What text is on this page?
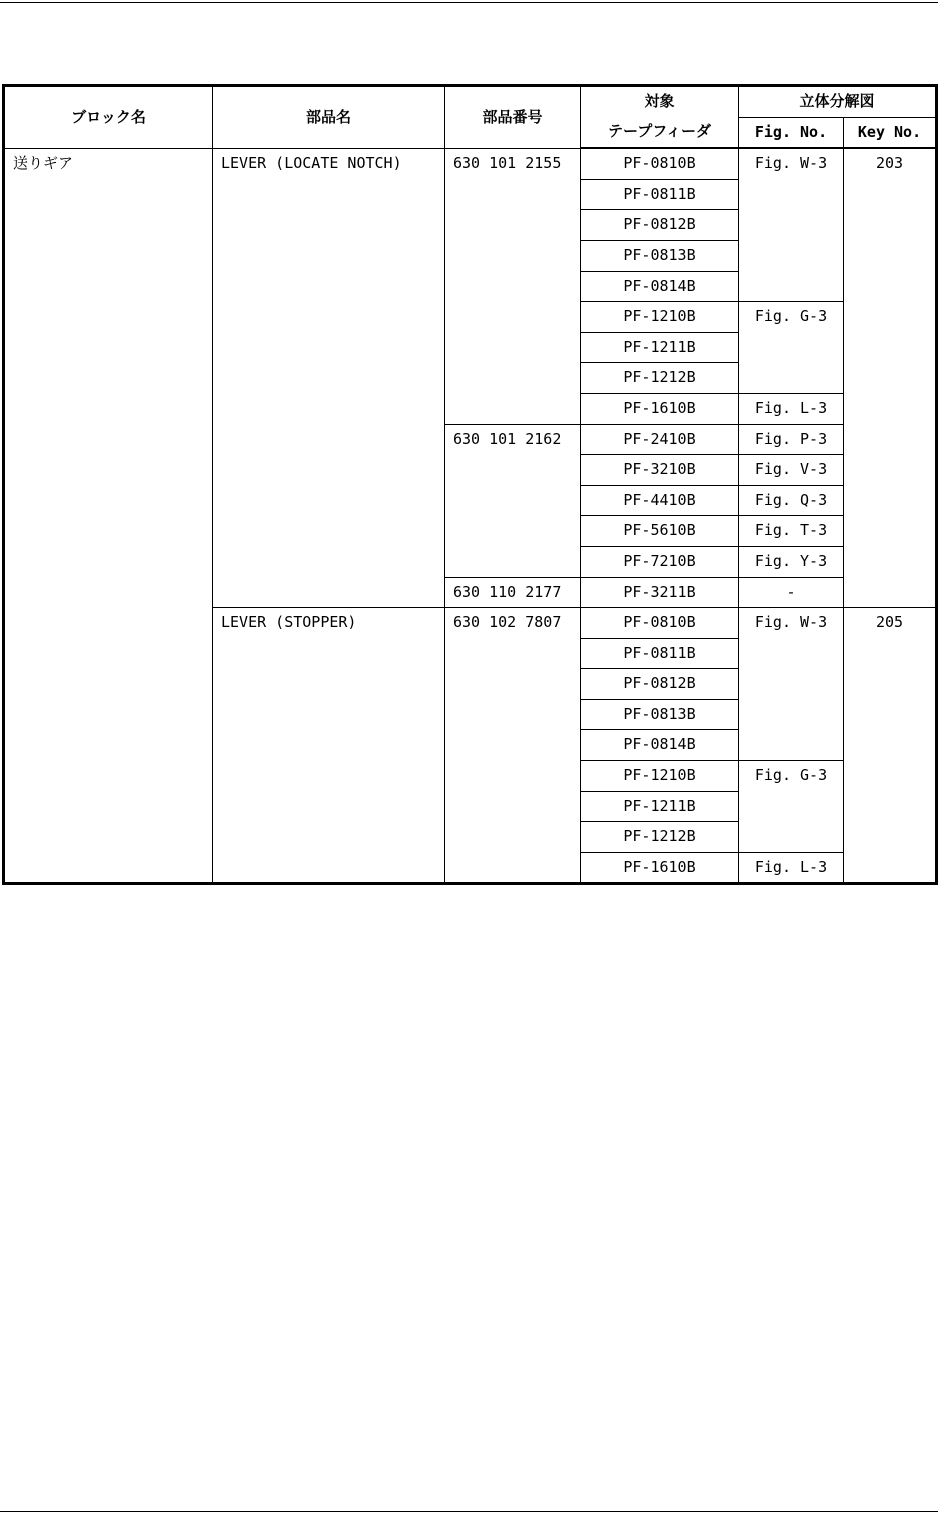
ブロック名	部品名	部品番号	対象	立体分解図	
			テープフィーダ	Fig. No.	Key No.
送りギア	LEVER (LOCATE NOTCH)	630 101 2155	PF-0810B	Fig. W-3	203
			PF-0811B		
			PF-0812B		
			PF-0813B		
			PF-0814B		
			PF-1210B	Fig. G-3	
			PF-1211B		
			PF-1212B		
			PF-1610B	Fig. L-3	
		630 101 2162	PF-2410B	Fig. P-3	
			PF-3210B	Fig. V-3	
			PF-4410B	Fig. Q-3	
			PF-5610B	Fig. T-3	
			PF-7210B	Fig. Y-3	
		630 110 2177	PF-3211B	-	
	LEVER (STOPPER)	630 102 7807	PF-0810B	Fig. W-3	205
			PF-0811B		
			PF-0812B		
			PF-0813B		
			PF-0814B		
			PF-1210B	Fig. G-3	
			PF-1211B		
			PF-1212B		
			PF-1610B	Fig. L-3	
